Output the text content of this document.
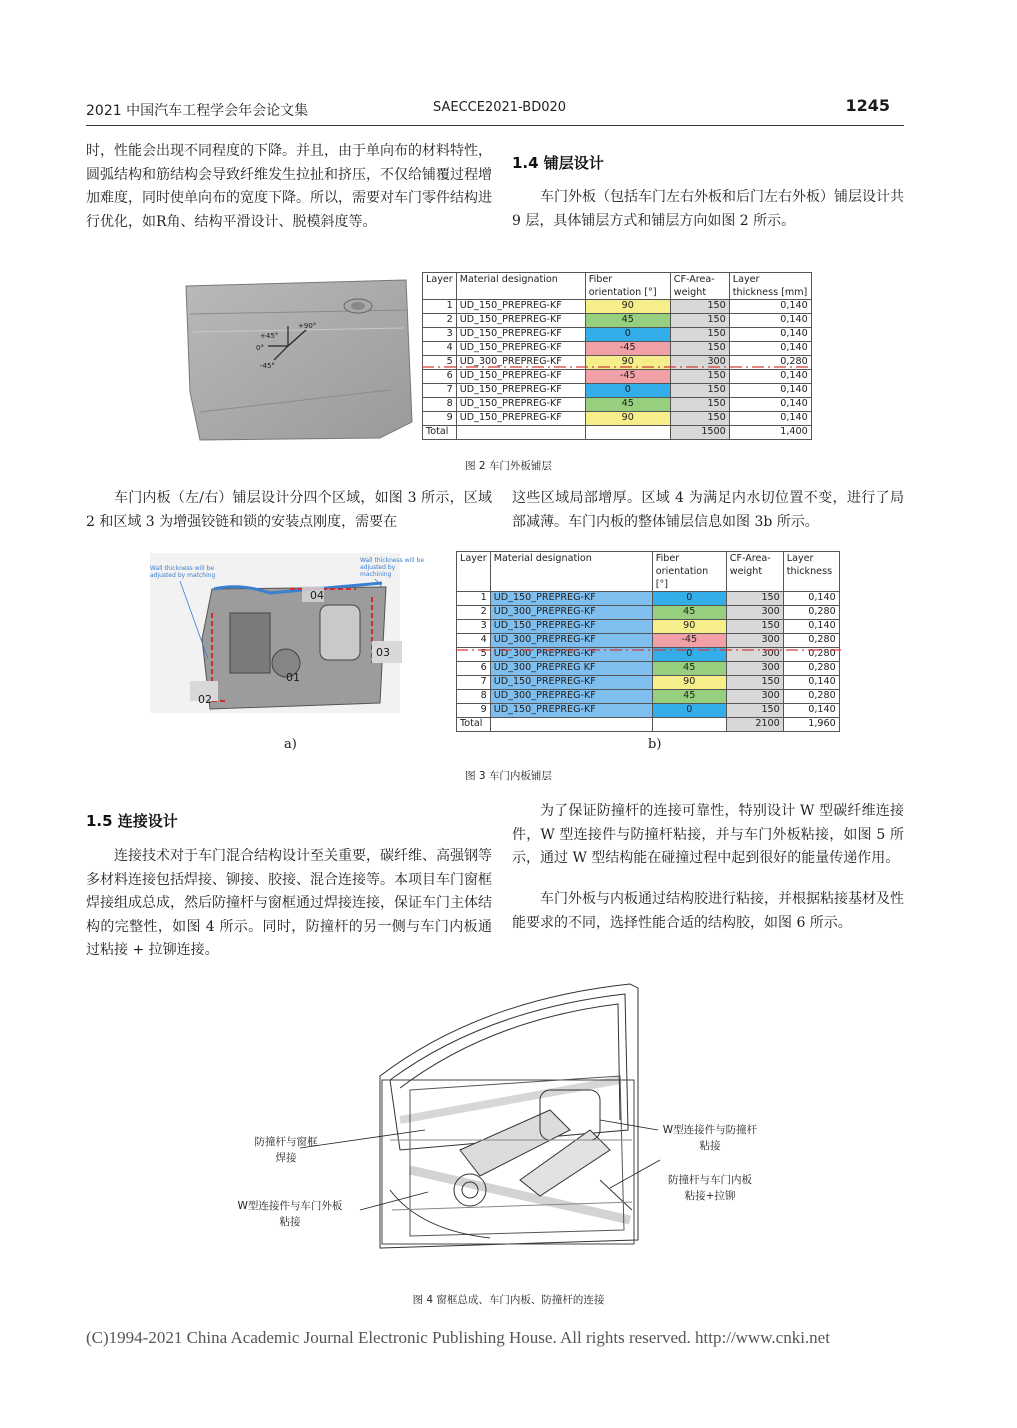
2021 中国汽车工程学会年会论文集	SAECCE2021-BD020	1245
时，性能会出现不同程度的下降。并且，由于单向布的材料特性，圆弧结构和筋结构会导致纤维发生拉扯和挤压，不仅给铺覆过程增加难度，同时使单向布的宽度下降。所以，需要对车门零件结构进行优化，如R角、结构平滑设计、脱模斜度等。
1.4 铺层设计
车门外板（包括车门左右外板和后门左右外板）铺层设计共 9 层，具体铺层方式和铺层方向如图 2 所示。
+45°
+90°
0°
-45°
Layer	Material designation	Fiber orientation [°]	CF-Area-weight	Layer thickness [mm]
1	UD_150_PREPREG-KF	90	150	0,140
2	UD_150_PREPREG-KF	45	150	0,140
3	UD_150_PREPREG-KF	0	150	0,140
4	UD_150_PREPREG-KF	-45	150	0,140
5	UD_300_PREPREG-KF	90	300	0,280
6	UD_150_PREPREG-KF	-45	150	0,140
7	UD_150_PREPREG-KF	0	150	0,140
8	UD_150_PREPREG-KF	45	150	0,140
9	UD_150_PREPREG-KF	90	150	0,140
Total			1500	1,400
图 2 车门外板铺层
车门内板（左/右）铺层设计分四个区域，如图 3 所示，区域 2 和区域 3 为增强铰链和锁的安装点刚度，需要在
这些区域局部增厚。区域 4 为满足内水切位置不变，进行了局部减薄。车门内板的整体铺层信息如图 3b 所示。
Wall thickness will be adjusted by matching
Wall thickness will be adjusted by machining
01
02
03
04
Layer	Material designation	Fiber orientation [°]	CF-Area-weight	Layer thickness
1	UD_150_PREPREG-KF	0	150	0,140
2	UD_300_PREPREG-KF	45	300	0,280
3	UD_150_PREPREG-KF	90	150	0,140
4	UD_300_PREPREG-KF	-45	300	0,280
5	UD_300_PREPREG-KF	0	300	0,280
6	UD_300_PREPREG KF	45	300	0,280
7	UD_150_PREPREG-KF	90	150	0,140
8	UD_300_PREPREG-KF	45	300	0,280
9	UD_150_PREPREG-KF	0	150	0,140
Total			2100	1,960
a)	b)
图 3 车门内板铺层
1.5 连接设计
连接技术对于车门混合结构设计至关重要，碳纤维、高强钢等多材料连接包括焊接、铆接、胶接、混合连接等。本项目车门窗框焊接组成总成，然后防撞杆与窗框通过焊接连接，保证车门主体结构的完整性，如图 4 所示。同时，防撞杆的另一侧与车门内板通过粘接 + 拉铆连接。
为了保证防撞杆的连接可靠性，特别设计 W 型碳纤维连接件，W 型连接件与防撞杆粘接，并与车门外板粘接，如图 5 所示，通过 W 型结构能在碰撞过程中起到很好的能量传递作用。
车门外板与内板通过结构胶进行粘接，并根据粘接基材及性能要求的不同，选择性能合适的结构胶，如图 6 所示。
防撞杆与窗框
焊接
W型连接件与车门外板
粘接
W型连接件与防撞杆
粘接
防撞杆与车门内板
粘接+拉铆
图 4 窗框总成、车门内板、防撞杆的连接
(C)1994-2021 China Academic Journal Electronic Publishing House. All rights reserved. http://www.cnki.net
